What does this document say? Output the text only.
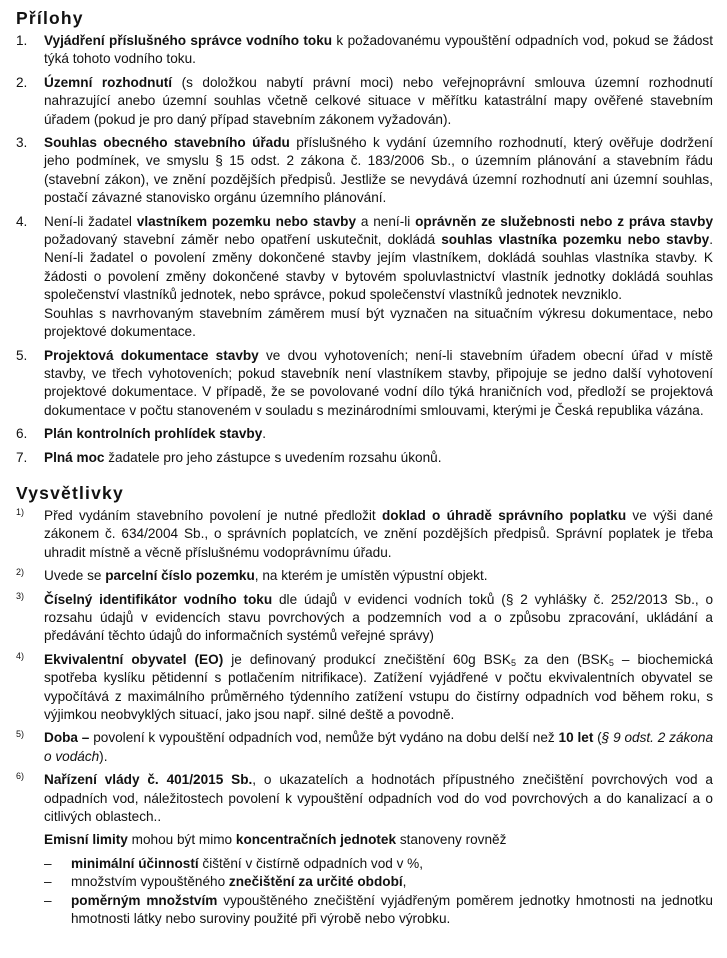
Přílohy
1. Vyjádření příslušného správce vodního toku k požadovanému vypouštění odpadních vod, pokud se žádost týká tohoto vodního toku.
2. Územní rozhodnutí (s doložkou nabytí právní moci) nebo veřejnoprávní smlouva územní rozhodnutí nahrazující anebo územní souhlas včetně celkové situace v měřítku katastrální mapy ověřené stavebním úřadem (pokud je pro daný případ stavebním zákonem vyžadován).
3. Souhlas obecného stavebního úřadu příslušného k vydání územního rozhodnutí, který ověřuje dodržení jeho podmínek, ve smyslu § 15 odst. 2 zákona č. 183/2006 Sb., o územním plánování a stavebním řádu (stavební zákon), ve znění pozdějších předpisů. Jestliže se nevydává územní rozhodnutí ani územní souhlas, postačí závazné stanovisko orgánu územního plánování.
4. Není-li žadatel vlastníkem pozemku nebo stavby a není-li oprávněn ze služebnosti nebo z práva stavby požadovaný stavební záměr nebo opatření uskutečnit, dokládá souhlas vlastníka pozemku nebo stavby. Není-li žadatel o povolení změny dokončené stavby jejím vlastníkem, dokládá souhlas vlastníka stavby. K žádosti o povolení změny dokončené stavby v bytovém spoluvlastnictví vlastník jednotky dokládá souhlas společenství vlastníků jednotek, nebo správce, pokud společenství vlastníků jednotek nevzniklo.
Souhlas s navrhovaným stavebním záměrem musí být vyznačen na situačním výkresu dokumentace, nebo projektové dokumentace.
5. Projektová dokumentace stavby ve dvou vyhotoveních; není-li stavebním úřadem obecní úřad v místě stavby, ve třech vyhotoveních; pokud stavebník není vlastníkem stavby, připojuje se jedno další vyhotovení projektové dokumentace. V případě, že se povolované vodní dílo týká hraničních vod, předloží se projektová dokumentace v počtu stanoveném v souladu s mezinárodními smlouvami, kterými je Česká republika vázána.
6. Plán kontrolních prohlídek stavby.
7. Plná moc žadatele pro jeho zástupce s uvedením rozsahu úkonů.
Vysvětlivky
1) Před vydáním stavebního povolení je nutné předložit doklad o úhradě správního poplatku ve výši dané zákonem č. 634/2004 Sb., o správních poplatcích, ve znění pozdějších předpisů. Správní poplatek je třeba uhradit místně a věcně příslušnému vodoprávnímu úřadu.
2) Uvede se parcelní číslo pozemku, na kterém je umístěn výpustní objekt.
3) Číselný identifikátor vodního toku dle údajů v evidenci vodních toků (§ 2 vyhlášky č. 252/2013 Sb., o rozsahu údajů v evidencích stavu povrchových a podzemních vod a o způsobu zpracování, ukládání a předávání těchto údajů do informačních systémů veřejné správy)
4) Ekvivalentní obyvatel (EO) je definovaný produkcí znečištění 60g $BSK_5$ za den ($BSK_5$ – biochemická spotřeba kyslíku pětidenní s potlačením nitrifikace). Zatížení vyjádřené v počtu ekvivalentních obyvatel se vypočítává z maximálního průměrného týdenního zatížení vstupu do čistírny odpadních vod během roku, s výjimkou neobvyklých situací, jako jsou např. silné deště a povodně.
5) Doba – povolení k vypouštění odpadních vod, nemůže být vydáno na dobu delší než 10 let (§ 9 odst. 2 zákona o vodách).
6) Nařízení vlády č. 401/2015 Sb., o ukazatelích a hodnotách přípustného znečištění povrchových vod a odpadních vod, náležitostech povolení k vypouštění odpadních vod do vod povrchových a do kanalizací a o citlivých oblastech..
Emisní limity mohou být mimo koncentračních jednotek stanoveny rovněž
– minimální účinností čištění v čistírně odpadních vod v %,
– množstvím vypouštěného znečištění za určité období,
– poměrným množstvím vypouštěného znečištění vyjádřeným poměrem jednotky hmotnosti na jednotku hmotnosti látky nebo suroviny použité při výrobě nebo výrobku.
